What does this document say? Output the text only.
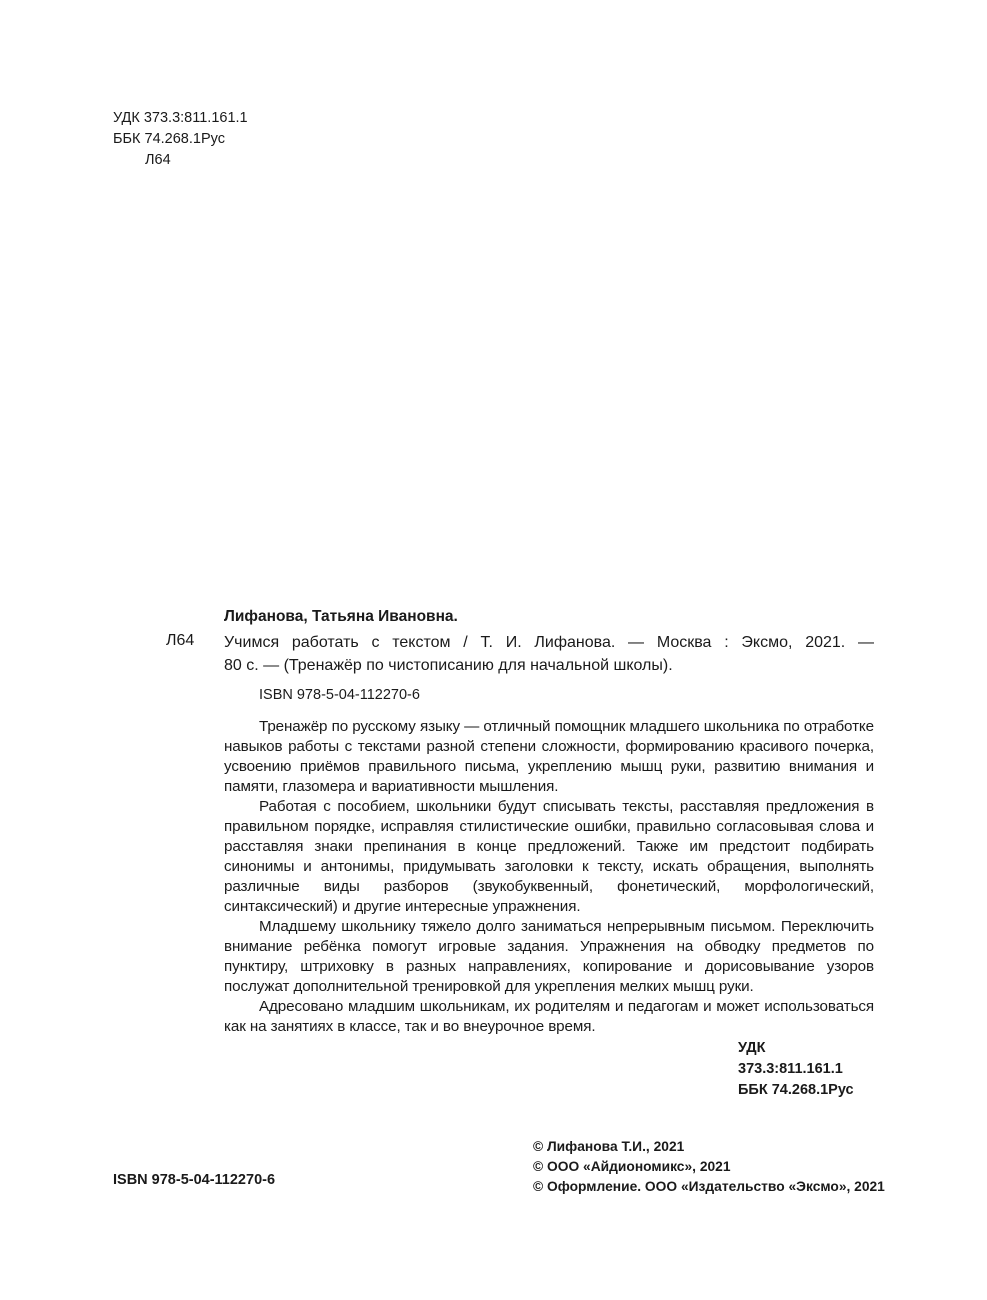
УДК 373.3:811.161.1
ББК 74.268.1Рус
Л64
Лифанова, Татьяна Ивановна.
Л64 Учимся работать с текстом / Т. И. Лифанова. — Москва : Эксмо, 2021. —
80 с. — (Тренажёр по чистописанию для начальной школы).
ISBN 978-5-04-112270-6

Тренажёр по русскому языку — отличный помощник младшего школьника по отработке навыков работы с текстами разной степени сложности, формированию красивого почерка, усвоению приёмов правильного письма, укреплению мышц руки, развитию внимания и памяти, глазомера и вариативности мышления.

Работая с пособием, школьники будут списывать тексты, расставляя предложения в правильном порядке, исправляя стилистические ошибки, правильно согласовывая слова и расставляя знаки препинания в конце предложений. Также им предстоит подбирать синонимы и антонимы, придумывать заголовки к тексту, искать обращения, выполнять различные виды разборов (звукобуквенный, фонетический, морфологический, синтаксический) и другие интересные упражнения.

Младшему школьнику тяжело долго заниматься непрерывным письмом. Переключить внимание ребёнка помогут игровые задания. Упражнения на обводку предметов по пунктиру, штриховку в разных направлениях, копирование и дорисовывание узоров послужат дополнительной тренировкой для укрепления мелких мышц руки.

Адресовано младшим школьникам, их родителям и педагогам и может использоваться как на занятиях в классе, так и во внеурочное время.

УДК 373.3:811.161.1
ББК 74.268.1Рус
ISBN 978-5-04-112270-6
© Лифанова Т.И., 2021
© ООО «Айдиономикс», 2021
© Оформление. ООО «Издательство «Эксмо», 2021
